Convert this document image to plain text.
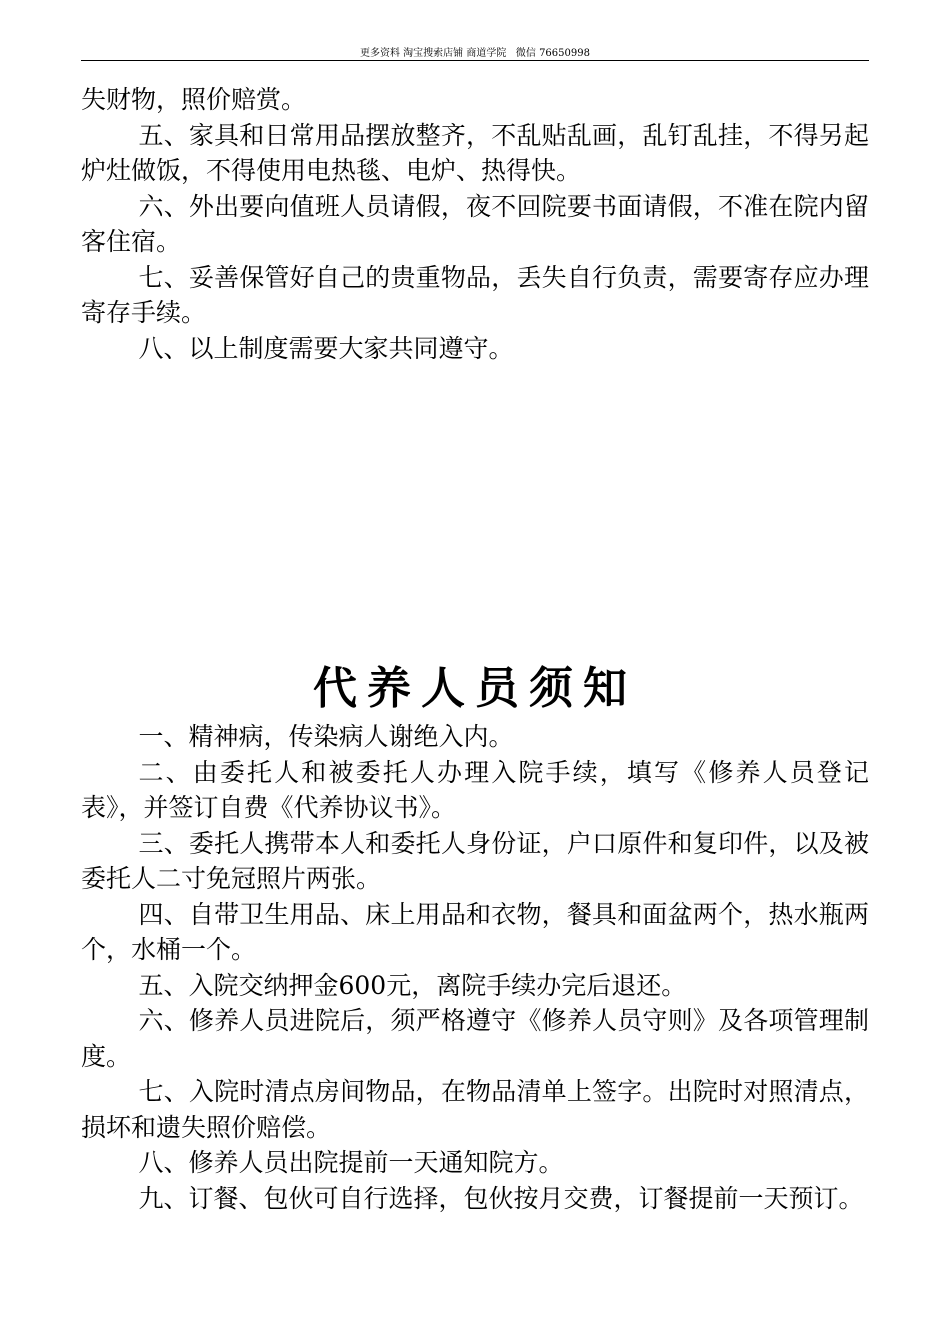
更多资料 淘宝搜索店铺 商道学院   微信 76650998

失财物，照价赔赏。

五、家具和日常用品摆放整齐，不乱贴乱画，乱钉乱挂，不得另起炉灶做饭，不得使用电热毯、电炉、热得快。

六、外出要向值班人员请假，夜不回院要书面请假，不准在院内留客住宿。

七、妥善保管好自己的贵重物品，丢失自行负责，需要寄存应办理寄存手续。

八、以上制度需要大家共同遵守。

代养人员须知

一、精神病，传染病人谢绝入内。

二、由委托人和被委托人办理入院手续，填写《修养人员登记表》，并签订自费《代养协议书》。

三、委托人携带本人和委托人身份证，户口原件和复印件，以及被委托人二寸免冠照片两张。

四、自带卫生用品、床上用品和衣物，餐具和面盆两个，热水瓶两个，水桶一个。

五、入院交纳押金600元，离院手续办完后退还。

六、修养人员进院后，须严格遵守《修养人员守则》及各项管理制度。

七、入院时清点房间物品，在物品清单上签字。出院时对照清点，损坏和遗失照价赔偿。

八、修养人员出院提前一天通知院方。

九、订餐、包伙可自行选择，包伙按月交费，订餐提前一天预订。
